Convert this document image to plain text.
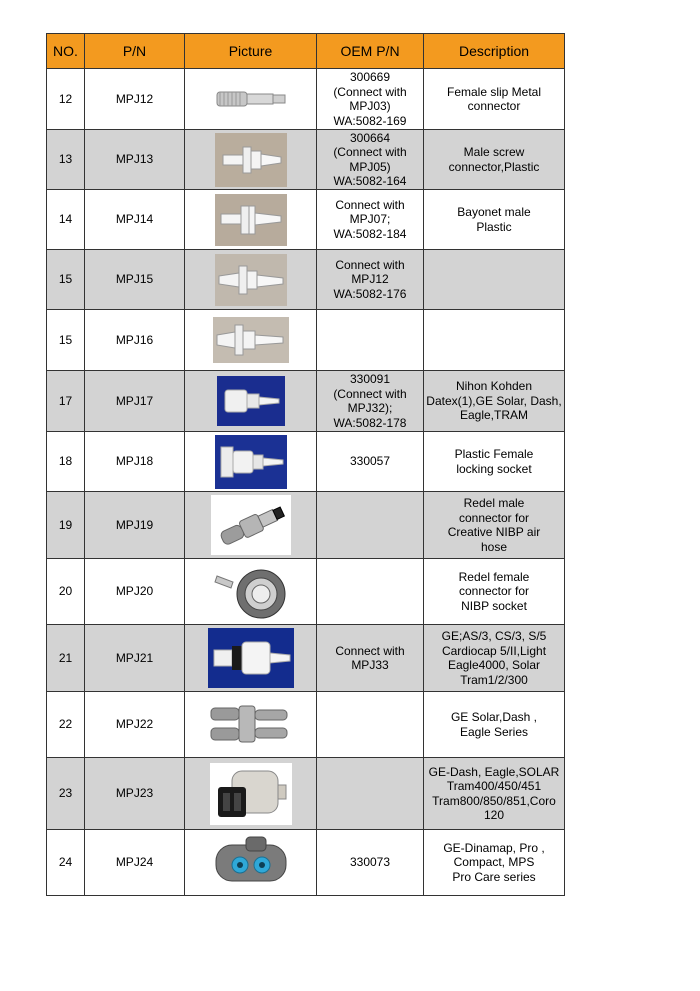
NO.	P/N	Picture	OEM P/N	Description
12	MPJ12		300669
(Connect with
MPJ03)
WA:5082-169	Female slip Metal
connector
13	MPJ13		300664
(Connect with
MPJ05)
WA:5082-164	Male screw
connector,Plastic
14	MPJ14		Connect with
MPJ07;
WA:5082-184	Bayonet male
Plastic
15	MPJ15		Connect with
MPJ12
WA:5082-176	
15	MPJ16	

17	MPJ17		330091
(Connect with
MPJ32);
WA:5082-178	Nihon Kohden
Datex(1),GE Solar, Dash,
Eagle,TRAM
18	MPJ18		330057	Plastic Female
locking socket
19	MPJ19			Redel male
connector for
Creative NIBP air
hose
20	MPJ20			Redel female
connector for
NIBP socket
21	MPJ21		Connect with
MPJ33	GE;AS/3, CS/3, S/5
Cardiocap 5/II,Light
Eagle4000, Solar
Tram1/2/300
22	MPJ22			GE Solar,Dash ,
Eagle Series
23	MPJ23			GE-Dash, Eagle,SOLAR
Tram400/450/451
Tram800/850/851,Coro
120
24	MPJ24		330073	GE-Dinamap, Pro ,
Compact, MPS
Pro Care series
